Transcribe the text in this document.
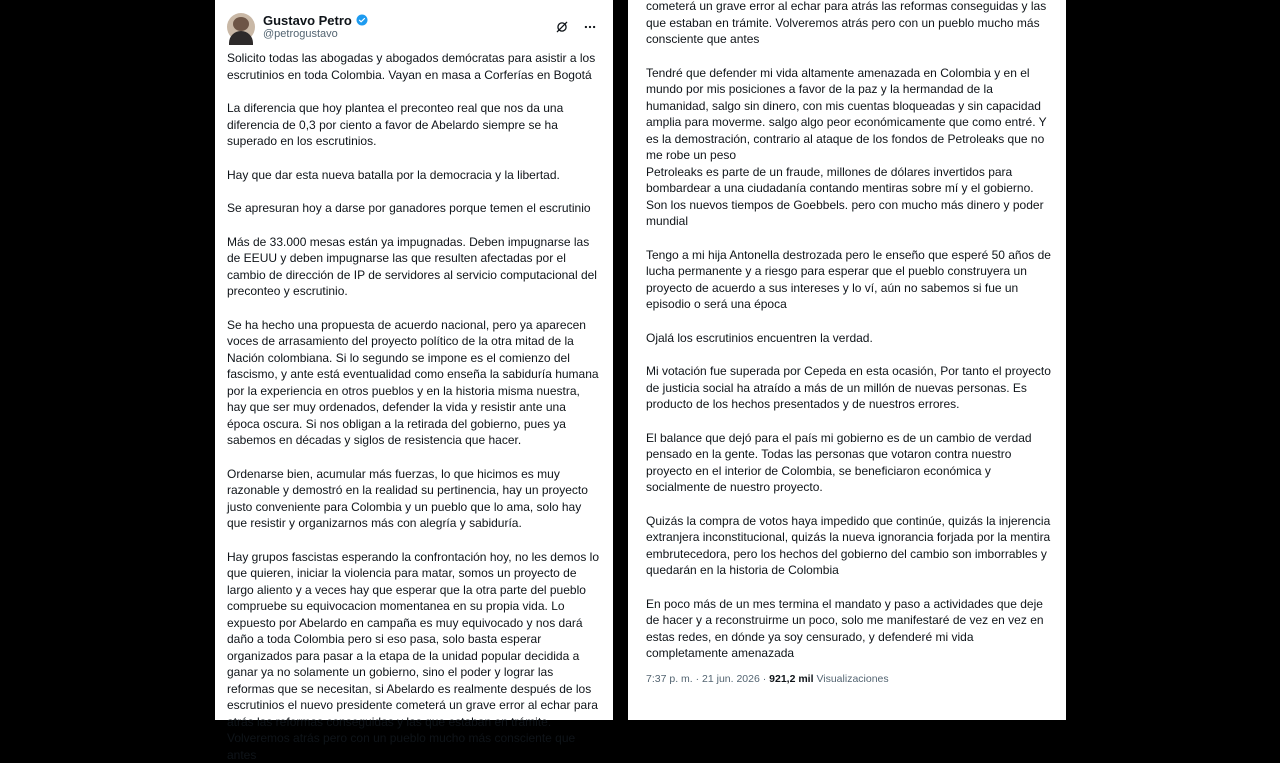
Gustavo Petro
@petrogustavo

Solicito todas las abogadas y abogados demócratas para asistir a los escrutinios en toda Colombia. Vayan en masa a Corferías en Bogotá

La diferencia que hoy plantea el preconteo real que nos da una diferencia de 0,3 por ciento a favor de Abelardo siempre se ha superado en los escrutinios.

Hay que dar esta nueva batalla por la democracia y la libertad.

Se apresuran hoy a darse por ganadores porque temen el escrutinio

Más de 33.000 mesas están ya impugnadas. Deben impugnarse las de EEUU y deben impugnarse las que resulten afectadas por el cambio de dirección de IP de servidores al servicio computacional del preconteo y escrutinio.

Se ha hecho una propuesta de acuerdo nacional, pero ya aparecen voces de arrasamiento del proyecto político de la otra mitad de la Nación colombiana. Si lo segundo se impone es el comienzo del fascismo, y ante está eventualidad como enseña la sabiduría humana por la experiencia en otros pueblos y en la historia misma nuestra, hay que ser muy ordenados, defender la vida y resistir ante una época oscura. Si nos obligan a la retirada del gobierno, pues ya sabemos en décadas y siglos de resistencia que hacer.

Ordenarse bien, acumular más fuerzas, lo que hicimos es muy razonable y demostró en la realidad su pertinencia, hay un proyecto justo conveniente para Colombia y un pueblo que lo ama, solo hay que resistir y organizarnos más con alegría y sabiduría.

Hay grupos fascistas esperando la confrontación hoy, no les demos lo que quieren, iniciar la violencia para matar, somos un proyecto de largo aliento y a veces hay que esperar que la otra parte del pueblo compruebe su equivocacion momentanea en su propia vida. Lo expuesto por Abelardo en campaña es muy equivocado y nos dará daño a toda Colombia pero si eso pasa, solo basta esperar organizados para pasar a la etapa de la unidad popular decidida a ganar ya no solamente un gobierno, sino el poder y lograr las reformas que se necesitan, si Abelardo es realmente después de los escrutinios el nuevo presidente cometerá un grave error al echar para atrás las reformas conseguidas y las que estaban en trámite. Volveremos atrás pero con un pueblo mucho más consciente que antes

cometerá un grave error al echar para atrás las reformas conseguidas y las que estaban en trámite. Volveremos atrás pero con un pueblo mucho más consciente que antes

Tendré que defender mi vida altamente amenazada en Colombia y en el mundo por mis posiciones a favor de la paz y la hermandad de la humanidad, salgo sin dinero, con mis cuentas bloqueadas y sin capacidad amplia para moverme. salgo algo peor económicamente que como entré. Y es la demostración, contrario al ataque de los fondos de Petroleaks que no me robe un peso
Petroleaks es parte de un fraude, millones de dólares invertidos para bombardear a una ciudadanía contando mentiras sobre mí y el gobierno. Son los nuevos tiempos de Goebbels. pero con mucho más dinero y poder mundial

Tengo a mi hija Antonella destrozada pero le enseño que esperé 50 años de lucha permanente y a riesgo para esperar que el pueblo construyera un proyecto de acuerdo a sus intereses y lo ví, aún no sabemos si fue un episodio o será una época

Ojalá los escrutinios encuentren la verdad.

Mi votación fue superada por Cepeda en esta ocasión, Por tanto el proyecto de justicia social ha atraído a más de un millón de nuevas personas. Es producto de los hechos presentados y de nuestros errores.

El balance que dejó para el país mi gobierno es de un cambio de verdad pensado en la gente. Todas las personas que votaron contra nuestro proyecto en el interior de Colombia, se beneficiaron económica y socialmente de nuestro proyecto.

Quizás la compra de votos haya impedido que continúe, quizás la injerencia extranjera inconstitucional, quizás la nueva ignorancia forjada por la mentira embrutecedora, pero los hechos del gobierno del cambio son imborrables y quedarán en la historia de Colombia

En poco más de un mes termina el mandato y paso a actividades que deje de hacer y a reconstruirme un poco, solo me manifestaré de vez en vez en estas redes, en dónde ya soy censurado, y defenderé mi vida completamente amenazada

7:37 p. m. · 21 jun. 2026 · 921,2 mil Visualizaciones
